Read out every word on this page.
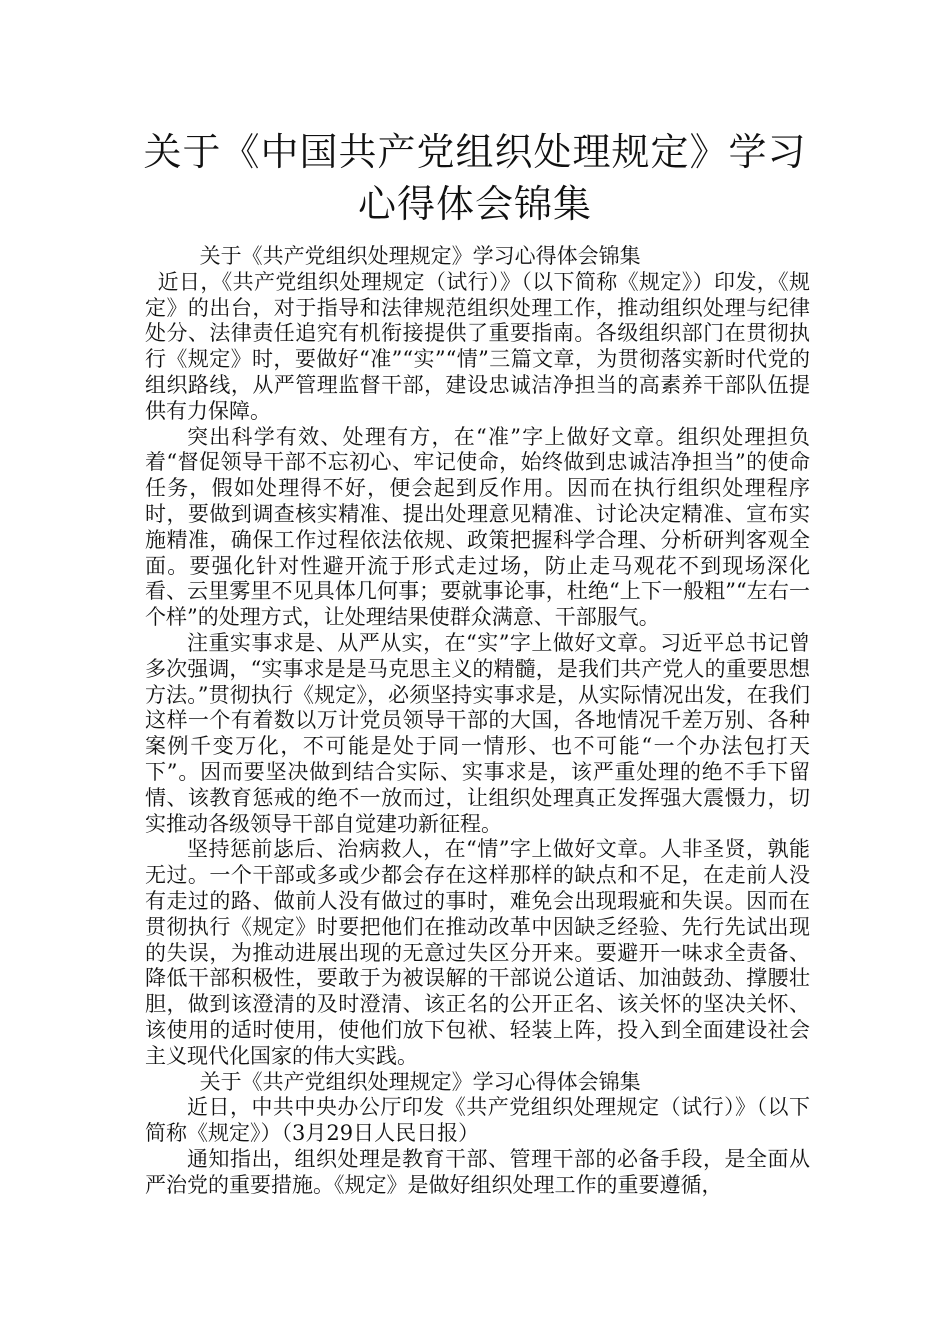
关于《中国共产党组织处理规定》学习心得体会锦集

关于《共产党组织处理规定》学习心得体会锦集

近日，《共产党组织处理规定（试行）》（以下简称《规定》）印发，《规定》的出台，对于指导和法律规范组织处理工作，推动组织处理与纪律处分、法律责任追究有机衔接提供了重要指南。各级组织部门在贯彻执行《规定》时，要做好“准”“实”“情”三篇文章，为贯彻落实新时代党的组织路线，从严管理监督干部，建设忠诚洁净担当的高素养干部队伍提供有力保障。

突出科学有效、处理有方，在“准”字上做好文章。组织处理担负着“督促领导干部不忘初心、牢记使命，始终做到忠诚洁净担当”的使命任务，假如处理得不好，便会起到反作用。因而在执行组织处理程序时，要做到调查核实精准、提出处理意见精准、讨论决定精准、宣布实施精准，确保工作过程依法依规、政策把握科学合理、分析研判客观全面。要强化针对性避开流于形式走过场，防止走马观花不到现场深化看、云里雾里不见具体几何事；要就事论事，杜绝“上下一般粗”“左右一个样”的处理方式，让处理结果使群众满意、干部服气。

注重实事求是、从严从实，在“实”字上做好文章。习近平总书记曾多次强调，“实事求是是马克思主义的精髓，是我们共产党人的重要思想方法。”贯彻执行《规定》，必须坚持实事求是，从实际情况出发，在我们这样一个有着数以万计党员领导干部的大国，各地情况千差万别、各种案例千变万化，不可能是处于同一情形、也不可能“一个办法包打天下”。因而要坚决做到结合实际、实事求是，该严重处理的绝不手下留情、该教育惩戒的绝不一放而过，让组织处理真正发挥强大震慑力，切实推动各级领导干部自觉建功新征程。

坚持惩前毖后、治病救人，在“情”字上做好文章。人非圣贤，孰能无过。一个干部或多或少都会存在这样那样的缺点和不足，在走前人没有走过的路、做前人没有做过的事时，难免会出现瑕疵和失误。因而在贯彻执行《规定》时要把他们在推动改革中因缺乏经验、先行先试出现的失误，为推动进展出现的无意过失区分开来。要避开一味求全责备、降低干部积极性，要敢于为被误解的干部说公道话、加油鼓劲、撑腰壮胆，做到该澄清的及时澄清、该正名的公开正名、该关怀的坚决关怀、该使用的适时使用，使他们放下包袱、轻装上阵，投入到全面建设社会主义现代化国家的伟大实践。

关于《共产党组织处理规定》学习心得体会锦集

近日，中共中央办公厅印发《共产党组织处理规定（试行）》（以下简称《规定》）（3月29日人民日报）

通知指出，组织处理是教育干部、管理干部的必备手段，是全面从严治党的重要措施。《规定》是做好组织处理工作的重要遵循，
